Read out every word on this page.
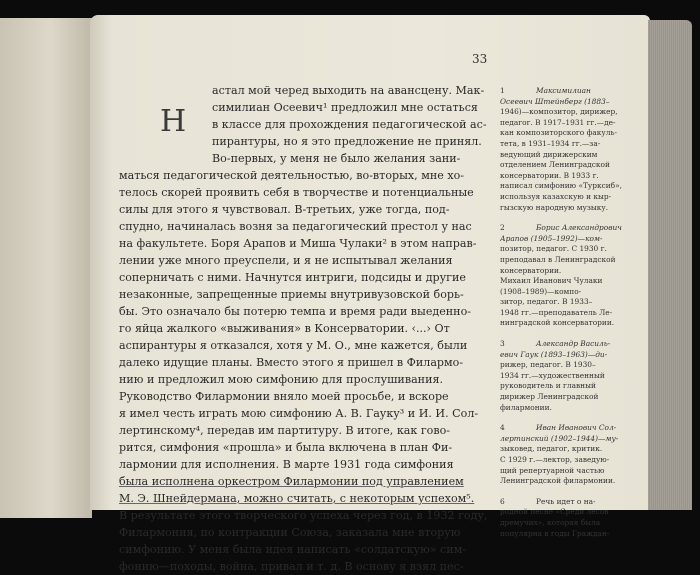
33
Н
астал мой черед выходить на авансцену. Мак-
симилиан Осеевич¹ предложил мне остаться
в классе для прохождения педагогической ас-
пирантуры, но я это предложение не принял.
Во-первых, у меня не было желания зани-
маться педагогической деятельностью, во-вторых, мне хо-
телось скорей проявить себя в творчестве и потенциальные
силы для этого я чувствовал. В-третьих, уже тогда, под-
спудно, начиналась возня за педагогический престол у нас
на факультете. Боря Арапов и Миша Чулаки² в этом направ-
лении уже много преуспели, и я не испытывал желания
соперничать с ними. Начнутся интриги, подсиды и другие
незаконные, запрещенные приемы внутривузовской борь-
бы. Это означало бы потерю темпа и время ради выеденно-
го яйца жалкого «выживания» в Консерватории. ‹...› От
аспирантуры я отказался, хотя у М. О., мне кажется, были
далеко идущие планы. Вместо этого я пришел в Филармо-
нию и предложил мою симфонию для прослушивания.
Руководство Филармонии вняло моей просьбе, и вскоре
я имел честь играть мою симфонию А. В. Гауку³ и И. И. Сол-
лертинскому⁴, передав им партитуру. В итоге, как гово-
рится, симфония «прошла» и была включена в план Фи-
лармонии для исполнения. В марте 1931 года симфония
была исполнена оркестром Филармонии под управлением
М. Э. Шнейдермана, можно считать, с некоторым успехом⁵.
В результате этого творческого успеха через год, в 1932 году,
Филармония, по контракции Союза, заказала мне вторую
симфонию. У меня была идея написать «солдатскую» сим-
фонию—походы, война, привал и т. д. В основу я взял пес-
1	Максимилиан
Осеевич Штейнберг (1883–
1946)—композитор, дирижер,
педагог. В 1917–1931 гг.—де-
кан композиторского факуль-
тета, в 1931–1934 гг.—за-
ведующий дирижерским
отделением Ленинградской
консерватории. В 1933 г.
написал симфонию «Турксиб»,
используя казахскую и кыр-
гызскую народную музыку.
2	Борис Александрович
Арапов (1905–1992)—ком-
позитор, педагог. С 1930 г.
преподавал в Ленинградской
консерватории.
Михаил Иванович Чулаки
(1908–1989)—компо-
зитор, педагог. В 1933–
1948 гг.—преподаватель Ле-
нинградской консерватории.
3	Александр Василь-
евич Гаук (1893–1963)—ди-
рижер, педагог. В 1930–
1934 гг.—художественный
руководитель и главный
дирижер Ленинградской
филармонии.
4	Иван Иванович Сол-
лертинский (1902–1944)—му-
зыковед, педагог, критик.
С 1929 г.—лектор, заведую-
щий репертуарной частью
Ленинградской филармонии.
6	Речь идет о на-
родной песне «Среди лесов
дремучих», которая была
популярна в годы Граждан-
